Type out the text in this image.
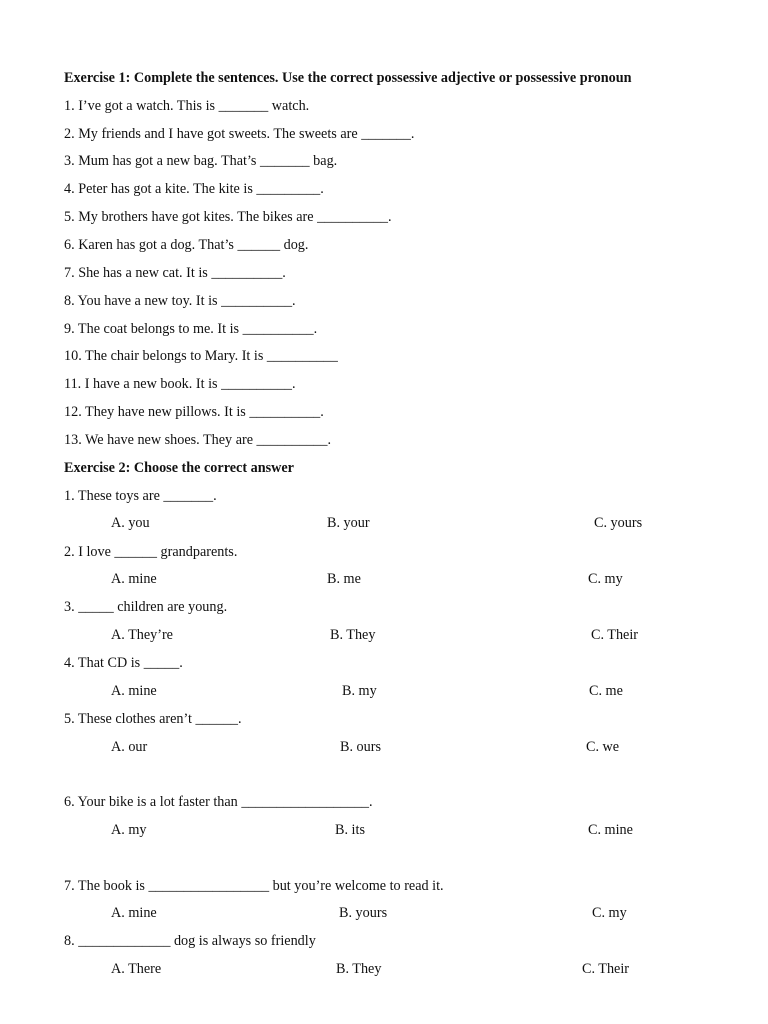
Exercise 1: Complete the sentences. Use the correct possessive adjective or possessive pronoun
1. I’ve got a watch. This is _______ watch.
2. My friends and I have got sweets. The sweets are _______.
3. Mum has got a new bag. That’s _______ bag.
4. Peter has got a kite. The kite is _________.
5. My brothers have got kites. The bikes are __________.
6. Karen has got a dog. That’s ______ dog.
7. She has a new cat. It is __________.
8. You have a new toy. It is __________.
9. The coat belongs to me. It is __________.
10. The chair belongs to Mary. It is __________
11. I have a new book. It is __________.
12. They have new pillows. It is __________.
13. We have new shoes. They are __________.
Exercise 2: Choose the correct answer
1. These toys are _______.
A. you	B. your	C. yours
2. I love ______ grandparents.
A. mine	B. me	C. my
3. _____ children are young.
A. They’re	B. They	C. Their
4. That CD is _____.
A. mine	B. my	C. me
5. These clothes aren’t ______.
A. our	B. ours	C. we
6. Your bike is a lot faster than __________________.
A. my	B. its	C. mine
7. The book is _________________ but you’re welcome to read it.
A. mine	B. yours	C. my
8. _____________ dog is always so friendly
A. There	B. They	C. Their
